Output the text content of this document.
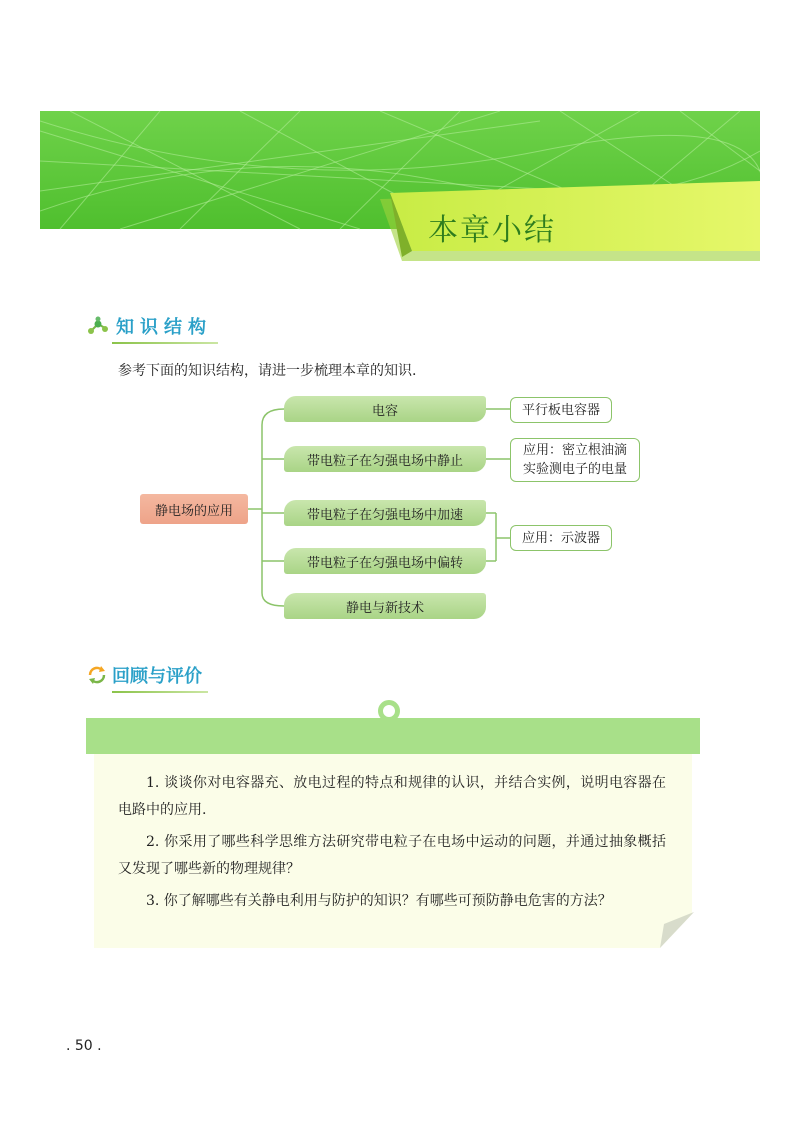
本章小结
知识结构
参考下面的知识结构，请进一步梳理本章的知识.
静电场的应用
电容
带电粒子在匀强电场中静止
带电粒子在匀强电场中加速
带电粒子在匀强电场中偏转
静电与新技术
平行板电容器
应用：密立根油滴
实验测电子的电量
应用：示波器
回顾与评价

1. 谈谈你对电容器充、放电过程的特点和规律的认识，并结合实例，说明电容器在电路中的应用.

2. 你采用了哪些科学思维方法研究带电粒子在电场中运动的问题，并通过抽象概括又发现了哪些新的物理规律？

3. 你了解哪些有关静电利用与防护的知识？有哪些可预防静电危害的方法？

. 50 .
